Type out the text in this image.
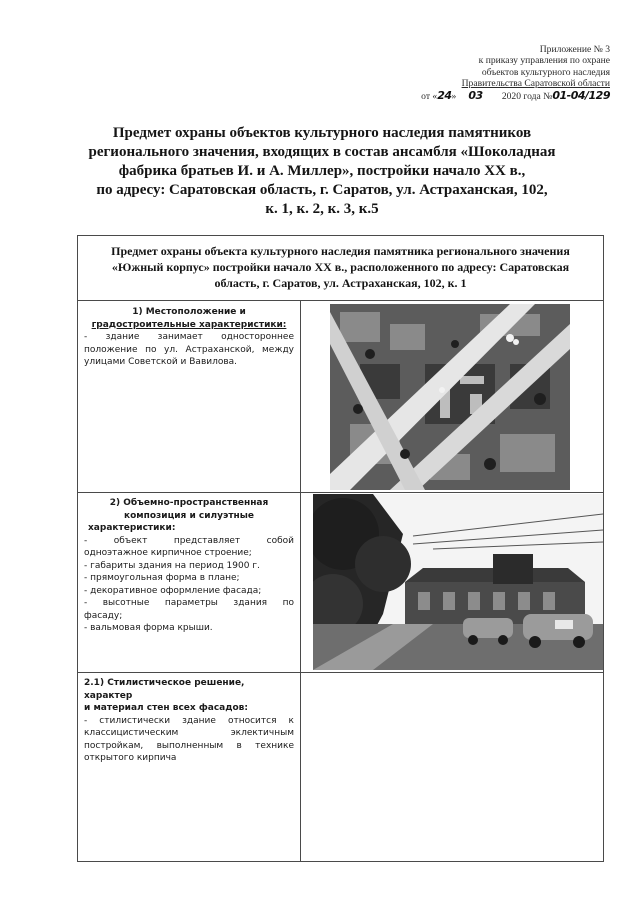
Приложение № 3
к приказу управления по охране
объектов культурного наследия
Правительства Саратовской области
от «24» 03 2020 года №01-04/129
Предмет охраны объектов культурного наследия памятников
регионального значения, входящих в состав ансамбля «Шоколадная
фабрика братьев И. и А. Миллер», постройки начало XX в.,
по адресу: Саратовская область, г. Саратов, ул. Астраханская, 102,
к. 1, к. 2, к. 3, к.5
Предмет охраны объекта культурного наследия памятника регионального значения
«Южный корпус» постройки начало XX в., расположенного по адресу: Саратовская
область, г. Саратов, ул. Астраханская, 102, к. 1
1) Местоположение и
градостроительные характеристики:
- здание занимает одностороннее
положение по ул. Астраханской, между
улицами Советской и Вавилова.
2) Объемно-пространственная
композиция и силуэтные
характеристики:
- объект представляет собой
одноэтажное кирпичное строение;
- габариты здания на период 1900 г.
- прямоугольная форма в плане;
- декоративное оформление фасада;
- высотные параметры здания по
фасаду;
- вальмовая форма крыши.
2.1) Стилистическое решение, характер
и материал стен всех фасадов:
- стилистически здание относится к
классицистическим эклектичным
постройкам, выполненным в технике
открытого кирпича
